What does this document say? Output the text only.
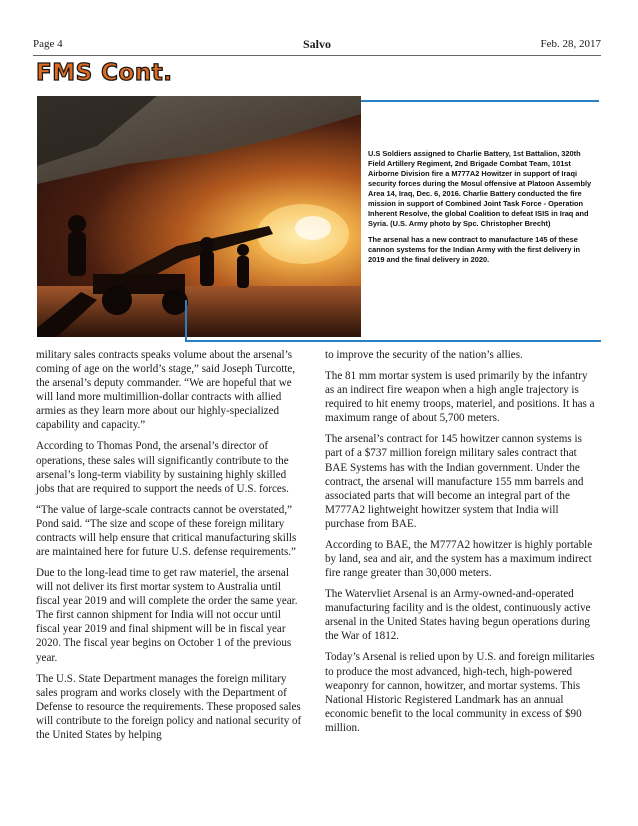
Page 4	Salvo	Feb. 28, 2017
FMS Cont.

U.S Soldiers assigned to Charlie Battery, 1st Battalion, 320th Field Artillery Regiment, 2nd Brigade Combat Team, 101st Airborne Division fire a M777A2 Howitzer in support of Iraqi security forces during the Mosul offensive at Platoon Assembly Area 14, Iraq, Dec. 6, 2016. Charlie Battery conducted the fire mission in support of Combined Joint Task Force - Operation Inherent Resolve, the global Coalition to defeat ISIS in Iraq and Syria. (U.S. Army photo by Spc. Christopher Brecht)

The arsenal has a new contract to manufacture 145 of these cannon systems for the Indian Army with the first delivery in 2019 and the final delivery in 2020.

military sales contracts speaks volume about the arsenal’s coming of age on the world’s stage,” said Joseph Turcotte, the arsenal’s deputy commander. “We are hopeful that we will land more multimillion-dollar contracts with allied armies as they learn more about our highly-specialized capability and capacity.”

According to Thomas Pond, the arsenal’s director of operations, these sales will significantly contribute to the arsenal’s long-term viability by sustaining highly skilled jobs that are required to support the needs of U.S. forces.

“The value of large-scale contracts cannot be overstated,” Pond said. “The size and scope of these foreign military contracts will help ensure that critical manufacturing skills are maintained here for future U.S. defense requirements.”

Due to the long-lead time to get raw materiel, the arsenal will not deliver its first mortar system to Australia until fiscal year 2019 and will complete the order the same year. The first cannon shipment for India will not occur until fiscal year 2019 and final shipment will be in fiscal year 2020. The fiscal year begins on October 1 of the previous year.

The U.S. State Department manages the foreign military sales program and works closely with the Department of Defense to resource the requirements. These proposed sales will contribute to the foreign policy and national security of the United States by helping

to improve the security of the nation’s allies.

The 81 mm mortar system is used primarily by the infantry as an indirect fire weapon when a high angle trajectory is required to hit enemy troops, materiel, and positions. It has a maximum range of about 5,700 meters.

The arsenal’s contract for 145 howitzer cannon systems is part of a $737 million foreign military sales contract that BAE Systems has with the Indian government. Under the contract, the arsenal will manufacture 155 mm barrels and associated parts that will become an integral part of the M777A2 lightweight howitzer system that India will purchase from BAE.

According to BAE, the M777A2 howitzer is highly portable by land, sea and air, and the system has a maximum indirect fire range greater than 30,000 meters.

The Watervliet Arsenal is an Army-owned-and-operated manufacturing facility and is the oldest, continuously active arsenal in the United States having begun operations during the War of 1812.

Today’s Arsenal is relied upon by U.S. and foreign militaries to produce the most advanced, high-tech, high-powered weaponry for cannon, howitzer, and mortar systems. This National Historic Registered Landmark has an annual economic benefit to the local community in excess of $90 million.
